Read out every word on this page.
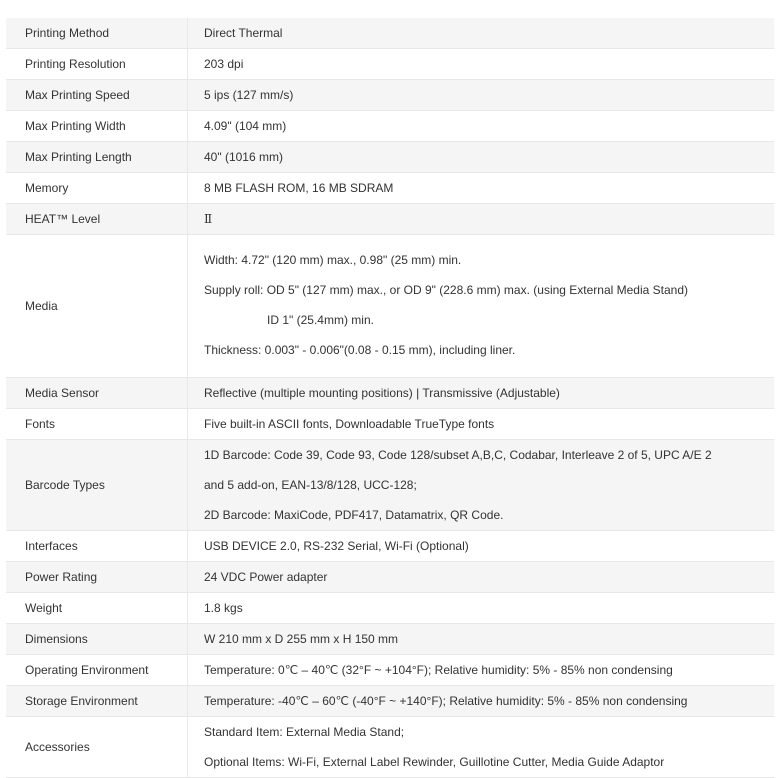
Printing Method	Direct Thermal

Printing Resolution	203 dpi

Max Printing Speed	5 ips (127 mm/s)

Max Printing Width	4.09" (104 mm)

Max Printing Length	40" (1016 mm)

Memory	8 MB FLASH ROM, 16 MB SDRAM

HEAT™ Level	Ⅱ

Media	Width: 4.72" (120 mm) max., 0.98" (25 mm) min.
Supply roll: OD 5" (127 mm) max., or OD 9" (228.6 mm) max. (using External Media Stand)
ID 1" (25.4mm) min.
Thickness: 0.003" - 0.006"(0.08 - 0.15 mm), including liner.

Media Sensor	Reflective (multiple mounting positions) | Transmissive (Adjustable)

Fonts	Five built-in ASCII fonts, Downloadable TrueType fonts

Barcode Types	1D Barcode: Code 39, Code 93, Code 128/subset A,B,C, Codabar, Interleave 2 of 5, UPC A/E 2
and 5 add-on, EAN-13/8/128, UCC-128;
2D Barcode: MaxiCode, PDF417, Datamatrix, QR Code.

Interfaces	USB DEVICE 2.0, RS-232 Serial, Wi-Fi (Optional)

Power Rating	24 VDC Power adapter

Weight	1.8 kgs

Dimensions	W 210 mm x D 255 mm x H 150 mm

Operating Environment	Temperature: 0℃ – 40℃ (32°F ~ +104°F); Relative humidity: 5% - 85% non condensing

Storage Environment	Temperature: -40℃ – 60℃ (-40°F ~ +140°F); Relative humidity: 5% - 85% non condensing

Accessories	Standard Item: External Media Stand;
Optional Items: Wi-Fi, External Label Rewinder, Guillotine Cutter, Media Guide Adaptor
